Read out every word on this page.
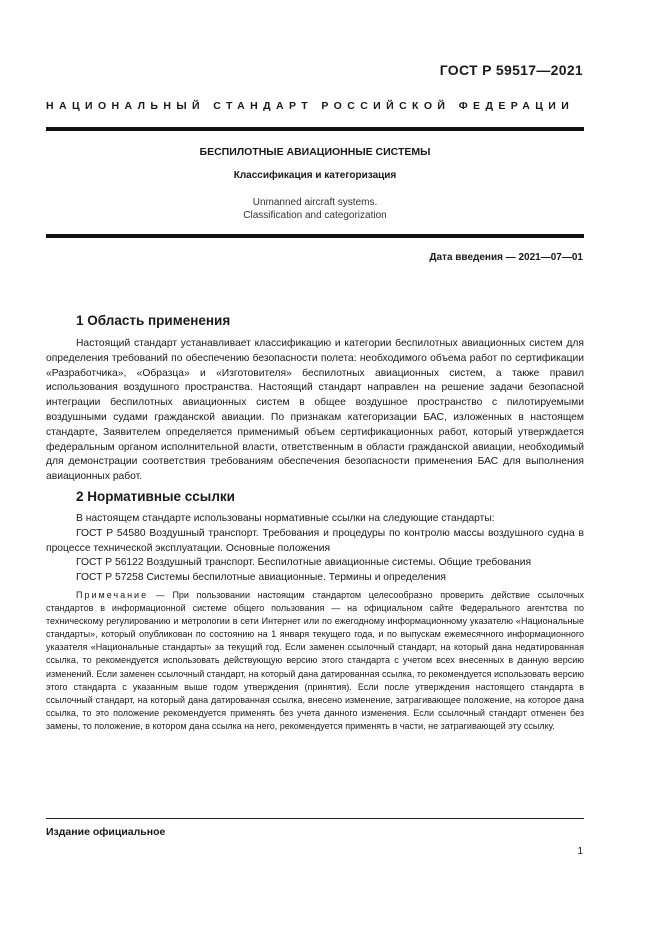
ГОСТ Р 59517—2021
НАЦИОНАЛЬНЫЙ СТАНДАРТ РОССИЙСКОЙ ФЕДЕРАЦИИ
БЕСПИЛОТНЫЕ АВИАЦИОННЫЕ СИСТЕМЫ
Классификация и категоризация
Unmanned aircraft systems.
Classification and categorization
Дата введения — 2021—07—01
1 Область применения

Настоящий стандарт устанавливает классификацию и категории беспилотных авиационных систем для определения требований по обеспечению безопасности полета: необходимого объема работ по сертификации «Разработчика», «Образца» и «Изготовителя» беспилотных авиационных систем, а также правил использования воздушного пространства. Настоящий стандарт направлен на решение задачи безопасной интеграции беспилотных авиационных систем в общее воздушное пространство с пилотируемыми воздушными судами гражданской авиации. По признакам категоризации БАС, изложенных в настоящем стандарте, Заявителем определяется применимый объем сертификационных работ, который утверждается федеральным органом исполнительной власти, ответственным в области гражданской авиации, необходимый для демонстрации соответствия требованиям обеспечения безопасности применения БАС для выполнения авиационных работ.

2 Нормативные ссылки

В настоящем стандарте использованы нормативные ссылки на следующие стандарты:

ГОСТ Р 54580 Воздушный транспорт. Требования и процедуры по контролю массы воздушного судна в процессе технической эксплуатации. Основные положения

ГОСТ Р 56122 Воздушный транспорт. Беспилотные авиационные системы. Общие требования

ГОСТ Р 57258 Системы беспилотные авиационные. Термины и определения

Примечание — При пользовании настоящим стандартом целесообразно проверить действие ссылочных стандартов в информационной системе общего пользования — на официальном сайте Федерального агентства по техническому регулированию и метрологии в сети Интернет или по ежегодному информационному указателю «Национальные стандарты», который опубликован по состоянию на 1 января текущего года, и по выпускам ежемесячного информационного указателя «Национальные стандарты» за текущий год. Если заменен ссылочный стандарт, на который дана недатированная ссылка, то рекомендуется использовать действующую версию этого стандарта с учетом всех внесенных в данную версию изменений. Если заменен ссылочный стандарт, на который дана датированная ссылка, то рекомендуется использовать версию этого стандарта с указанным выше годом утверждения (принятия). Если после утверждения настоящего стандарта в ссылочный стандарт, на который дана датированная ссылка, внесено изменение, затрагивающее положение, на которое дана ссылка, то это положение рекомендуется применять без учета данного изменения. Если ссылочный стандарт отменен без замены, то положение, в котором дана ссылка на него, рекомендуется применять в части, не затрагивающей эту ссылку.

Издание официальное
1
